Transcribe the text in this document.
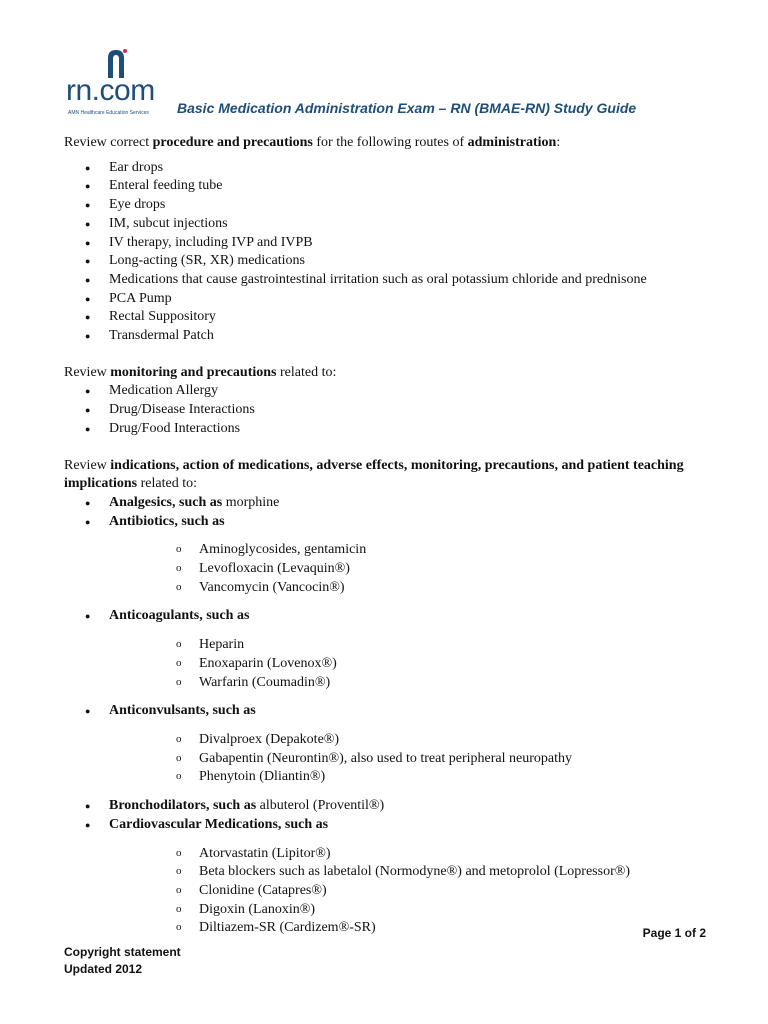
rn.com
AMN Healthcare Education Services Basic Medication Administration Exam – RN (BMAE-RN) Study Guide

Review correct procedure and precautions for the following routes of administration:

● Ear drops
● Enteral feeding tube
● Eye drops
● IM, subcut injections
● IV therapy, including IVP and IVPB
● Long-acting (SR, XR) medications
● Medications that cause gastrointestinal irritation such as oral potassium chloride and prednisone
● PCA Pump
● Rectal Suppository
● Transdermal Patch

Review monitoring and precautions related to:

● Medication Allergy
● Drug/Disease Interactions
● Drug/Food Interactions

Review indications, action of medications, adverse effects, monitoring, precautions, and patient teaching implications related to:

● Analgesics, such as morphine
● Antibiotics, such as
o Aminoglycosides, gentamicin
o Levofloxacin (Levaquin®)
o Vancomycin (Vancocin®)
● Anticoagulants, such as
o Heparin
o Enoxaparin (Lovenox®)
o Warfarin (Coumadin®)
● Anticonvulsants, such as
o Divalproex (Depakote®)
o Gabapentin (Neurontin®), also used to treat peripheral neuropathy
o Phenytoin (Dliantin®)
● Bronchodilators, such as albuterol (Proventil®)
● Cardiovascular Medications, such as
o Atorvastatin (Lipitor®)
o Beta blockers such as labetalol (Normodyne®) and metoprolol (Lopressor®)
o Clonidine (Catapres®)
o Digoxin (Lanoxin®)
o Diltiazem-SR (Cardizem®-SR)	Page 1 of 2
Copyright statement
Updated 2012
